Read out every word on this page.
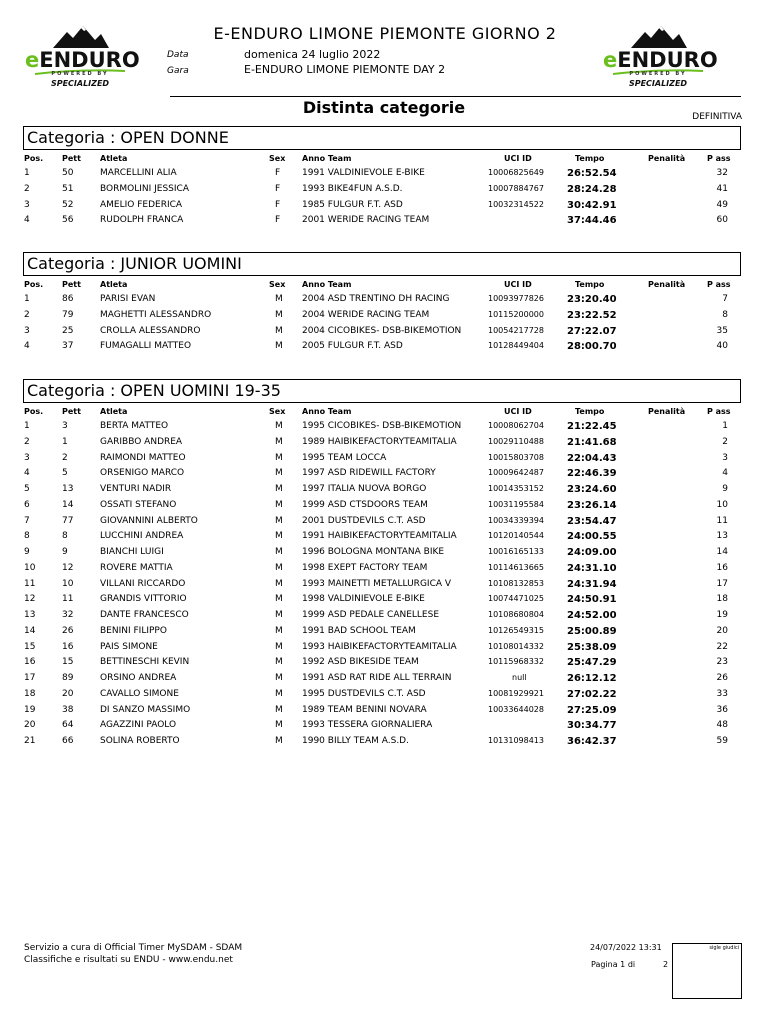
eENDURO
POWERED BY
SPECIALIZED
eENDURO
POWERED BY
SPECIALIZED
E-ENDURO LIMONE PIEMONTE GIORNO 2
Data	domenica 24 luglio 2022
Gara	E-ENDURO LIMONE PIEMONTE DAY 2
Distinta categorie	DEFINITIVA
Categoria : OPEN DONNE
Pos. Pett Atleta	Sex Anno Team	UCI ID	Tempo	Penalità	P ass
1	50	MARCELLINI ALIA	F 1991 VALDINIEVOLE E-BIKE	10006825649 26:52.54	32
2	51	BORMOLINI JESSICA	F 1993 BIKE4FUN A.S.D.	10007884767 28:24.28	41
3	52	AMELIO FEDERICA	F 1985 FULGUR F.T. ASD	10032314522 30:42.91	49
4	56	RUDOLPH FRANCA	F 2001 WERIDE RACING TEAM	37:44.46	60
Categoria : JUNIOR UOMINI
Pos. Pett Atleta	Sex Anno Team	UCI ID	Tempo	Penalità	P ass
1	86	PARISI EVAN	M 2004 ASD TRENTINO DH RACING	10093977826 23:20.40	7
2	79	MAGHETTI ALESSANDRO	M 2004 WERIDE RACING TEAM	10115200000 23:22.52	8
3	25	CROLLA ALESSANDRO	M 2004 CICOBIKES- DSB-BIKEMOTION	10054217728 27:22.07	35
4	37	FUMAGALLI MATTEO	M 2005 FULGUR F.T. ASD	10128449404 28:00.70	40
Categoria : OPEN UOMINI 19-35
Pos. Pett Atleta	Sex Anno Team	UCI ID	Tempo	Penalità	P ass
1	3	BERTA MATTEO	M 1995 CICOBIKES- DSB-BIKEMOTION	10008062704 21:22.45	1
2	1	GARIBBO ANDREA	M 1989 HAIBIKEFACTORYTEAMITALIA	10029110488 21:41.68	2
3	2	RAIMONDI MATTEO	M 1995 TEAM LOCCA	10015803708 22:04.43	3
4	5	ORSENIGO MARCO	M 1997 ASD RIDEWILL FACTORY	10009642487 22:46.39	4
5	13	VENTURI NADIR	M 1997 ITALIA NUOVA BORGO	10014353152 23:24.60	9
6	14	OSSATI STEFANO	M 1999 ASD CTSDOORS TEAM	10031195584 23:26.14	10
7	77	GIOVANNINI ALBERTO	M 2001 DUSTDEVILS C.T. ASD	10034339394 23:54.47	11
8	8	LUCCHINI ANDREA	M 1991 HAIBIKEFACTORYTEAMITALIA	10120140544 24:00.55	13
9	9	BIANCHI LUIGI	M 1996 BOLOGNA MONTANA BIKE	10016165133 24:09.00	14
10	12	ROVERE MATTIA	M 1998 EXEPT FACTORY TEAM	10114613665 24:31.10	16
11	10	VILLANI RICCARDO	M 1993 MAINETTI METALLURGICA V	10108132853 24:31.94	17
12	11	GRANDIS VITTORIO	M 1998 VALDINIEVOLE E-BIKE	10074471025 24:50.91	18
13	32	DANTE FRANCESCO	M 1999 ASD PEDALE CANELLESE	10108680804 24:52.00	19
14	26	BENINI FILIPPO	M 1991 BAD SCHOOL TEAM	10126549315 25:00.89	20
15	16	PAIS SIMONE	M 1993 HAIBIKEFACTORYTEAMITALIA	10108014332 25:38.09	22
16	15	BETTINESCHI KEVIN	M 1992 ASD BIKESIDE TEAM	10115968332 25:47.29	23
17	89	ORSINO ANDREA	M 1991 ASD RAT RIDE ALL TERRAIN	null	26:12.12	26
18	20	CAVALLO SIMONE	M 1995 DUSTDEVILS C.T. ASD	10081929921 27:02.22	33
19	38	DI SANZO MASSIMO	M 1989 TEAM BENINI NOVARA	10033644028 27:25.09	36
20	64	AGAZZINI PAOLO	M 1993 TESSERA GIORNALIERA	30:34.77	48
21	66	SOLINA ROBERTO	M 1990 BILLY TEAM A.S.D.	10131098413 36:42.37	59
Servizio a cura di Official Timer MySDAM - SDAM
Classifiche e risultati su ENDU - www.endu.net
24/07/2022 13:31
Pagina 1 di	2
sigle giudici
